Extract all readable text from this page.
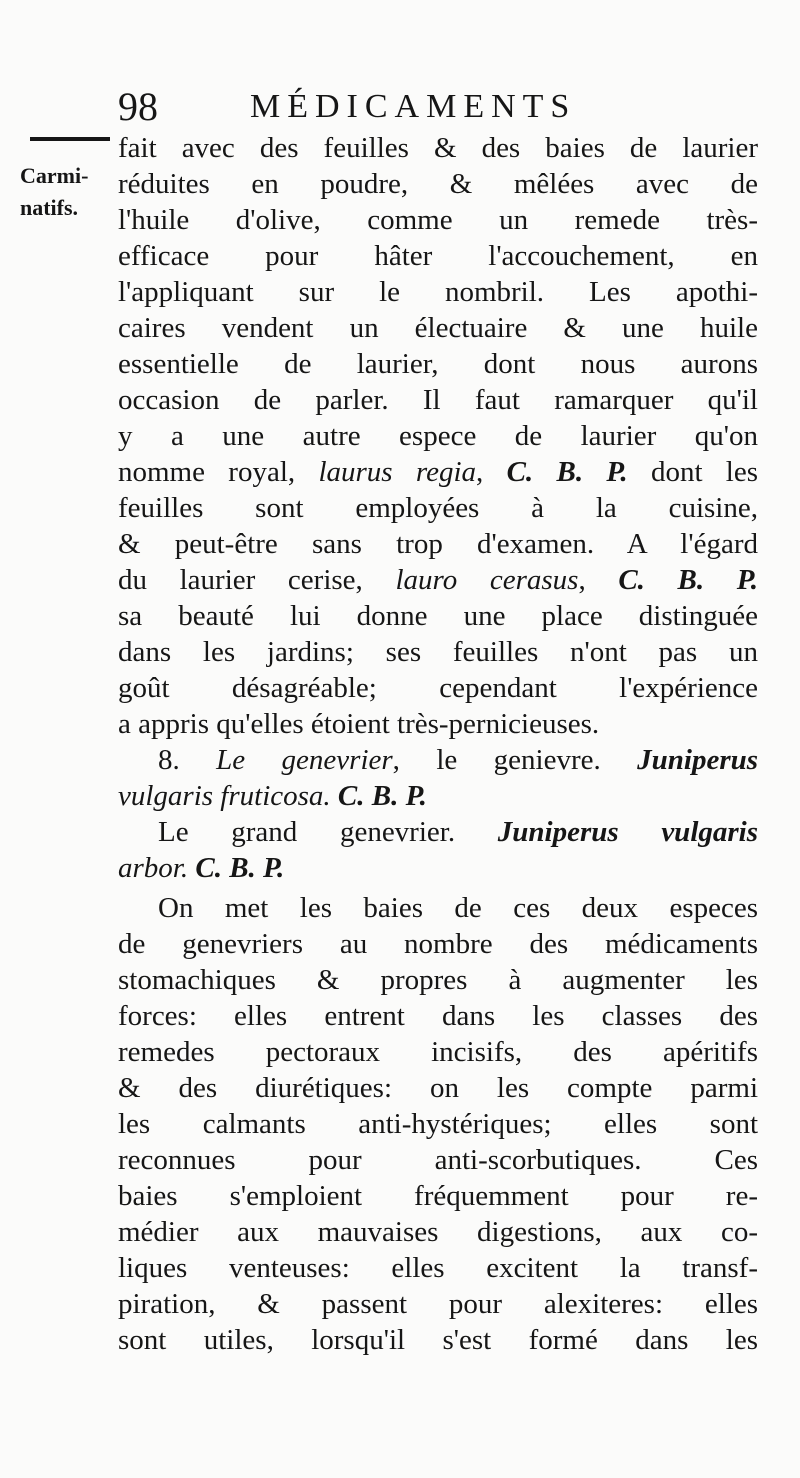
98	MÉDICAMENTS
Carmi-
natifs.
fait avec des feuilles & des baies de laurier
réduites en poudre, & mêlées avec de
l'huile d'olive, comme un remede très-
efficace pour hâter l'accouchement, en
l'appliquant sur le nombril. Les apothi-
caires vendent un électuaire & une huile
essentielle de laurier, dont nous aurons
occasion de parler. Il faut ramarquer qu'il
y a une autre espece de laurier qu'on
nomme royal, laurus regia, C. B. P. dont les
feuilles sont employées à la cuisine,
& peut-être sans trop d'examen. A l'égard
du laurier cerise, lauro cerasus, C. B. P.
sa beauté lui donne une place distinguée
dans les jardins; ses feuilles n'ont pas un
goût désagréable; cependant l'expérience
a appris qu'elles étoient très-pernicieuses.
8. Le genevrier, le genievre. Juniperus
vulgaris fruticosa. C. B. P.
Le grand genevrier. Juniperus vulgaris
arbor. C. B. P.
On met les baies de ces deux especes
de genevriers au nombre des médicaments
stomachiques & propres à augmenter les
forces: elles entrent dans les classes des
remedes pectoraux incisifs, des apéritifs
& des diurétiques: on les compte parmi
les calmants anti-hystériques; elles sont
reconnues pour anti-scorbutiques. Ces
baies s'emploient fréquemment pour re-
médier aux mauvaises digestions, aux co-
liques venteuses: elles excitent la transf-
piration, & passent pour alexiteres: elles
sont utiles, lorsqu'il s'est formé dans les
